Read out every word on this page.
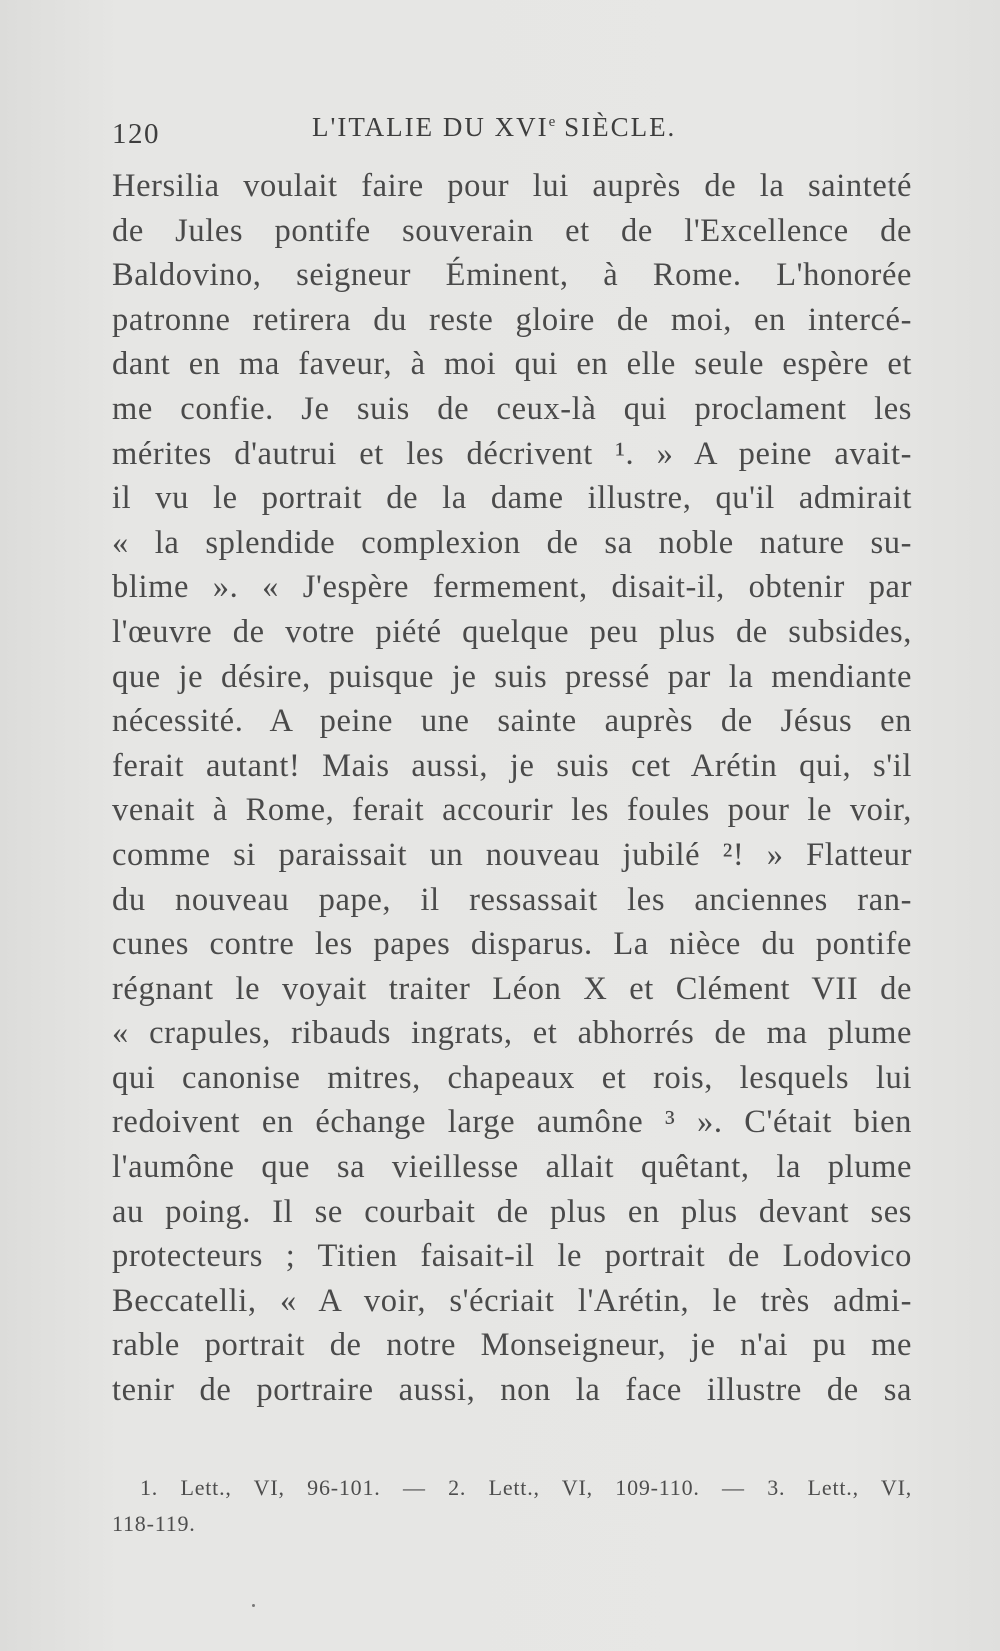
120	L'ITALIE DU XVIe SIÈCLE.
Hersilia voulait faire pour lui auprès de la sainteté
de Jules pontife souverain et de l'Excellence de
Baldovino, seigneur Éminent, à Rome. L'honorée
patronne retirera du reste gloire de moi, en intercé-
dant en ma faveur, à moi qui en elle seule espère et
me confie. Je suis de ceux-là qui proclament les
mérites d'autrui et les décrivent ¹. » A peine avait-
il vu le portrait de la dame illustre, qu'il admirait
« la splendide complexion de sa noble nature su-
blime ». « J'espère fermement, disait-il, obtenir par
l'œuvre de votre piété quelque peu plus de subsides,
que je désire, puisque je suis pressé par la mendiante
nécessité. A peine une sainte auprès de Jésus en
ferait autant! Mais aussi, je suis cet Arétin qui, s'il
venait à Rome, ferait accourir les foules pour le voir,
comme si paraissait un nouveau jubilé ²! » Flatteur
du nouveau pape, il ressassait les anciennes ran-
cunes contre les papes disparus. La nièce du pontife
régnant le voyait traiter Léon X et Clément VII de
« crapules, ribauds ingrats, et abhorrés de ma plume
qui canonise mitres, chapeaux et rois, lesquels lui
redoivent en échange large aumône ³ ». C'était bien
l'aumône que sa vieillesse allait quêtant, la plume
au poing. Il se courbait de plus en plus devant ses
protecteurs ; Titien faisait-il le portrait de Lodovico
Beccatelli, « A voir, s'écriait l'Arétin, le très admi-
rable portrait de notre Monseigneur, je n'ai pu me
tenir de portraire aussi, non la face illustre de sa
1. Lett., VI, 96-101. — 2. Lett., VI, 109-110. — 3. Lett., VI,
118-119.
